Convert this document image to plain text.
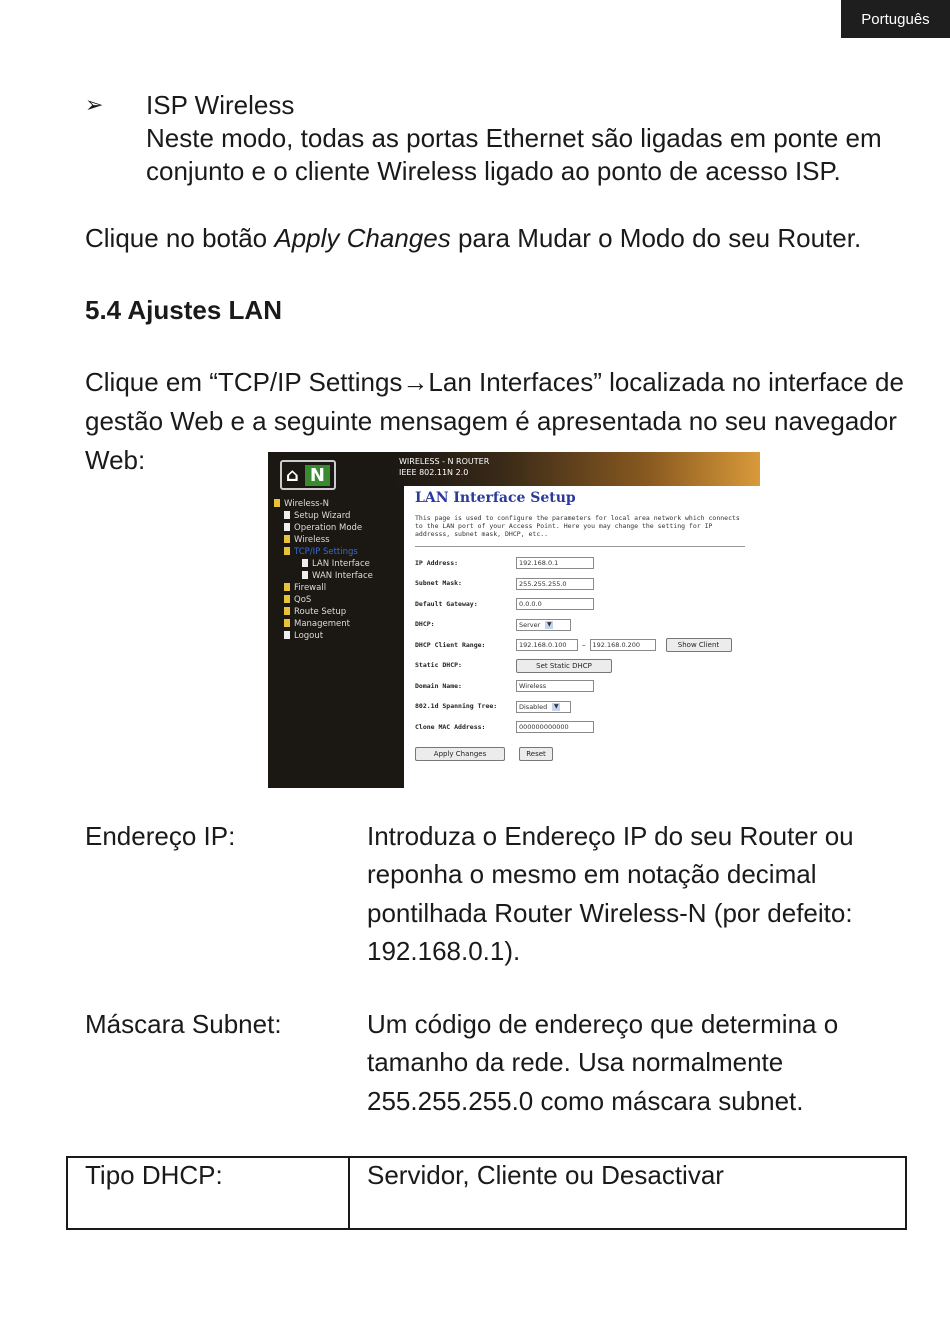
Português
➢ ISP Wireless
Neste modo, todas as portas Ethernet são ligadas em ponte em
conjunto e o cliente Wireless ligado ao ponto de acesso ISP.
Clique no botão Apply Changes para Mudar o Modo do seu Router.
5.4 Ajustes LAN
Clique em “TCP/IP Settings→Lan Interfaces” localizada no interface de
gestão Web e a seguinte mensagem é apresentada no seu navegador
Web:	WIRELESS - N ROUTER
IEEE 802.11N 2.0
⌂ N
Wireless-N
Setup Wizard
Operation Mode
Wireless
TCP/IP Settings
LAN Interface
WAN Interface
Firewall
QoS
Route Setup
Management
Logout
LAN Interface Setup
This page is used to configure the parameters for local area network which connects to the LAN port of your Access Point. Here you may change the setting for IP addresss, subnet mask, DHCP, etc..
IP Address:	192.168.0.1
Subnet Mask:	255.255.255.0
Default Gateway:	0.0.0.0
DHCP:	Server ▼
DHCP Client Range:	192.168.0.100	–	192.168.0.200	Show Client
Static DHCP:	Set Static DHCP
Domain Name:	Wireless
802.1d Spanning Tree:	Disabled ▼
Clone MAC Address:	000000000000
Apply Changes	Reset
Endereço IP:	Introduza o Endereço IP do seu Router ou
reponha o mesmo em notação decimal
pontilhada Router Wireless-N (por defeito:
192.168.0.1).
Máscara Subnet:	Um código de endereço que determina o
tamanho da rede. Usa normalmente
255.255.255.0 como máscara subnet.
Tipo DHCP:	Servidor, Cliente ou Desactivar
